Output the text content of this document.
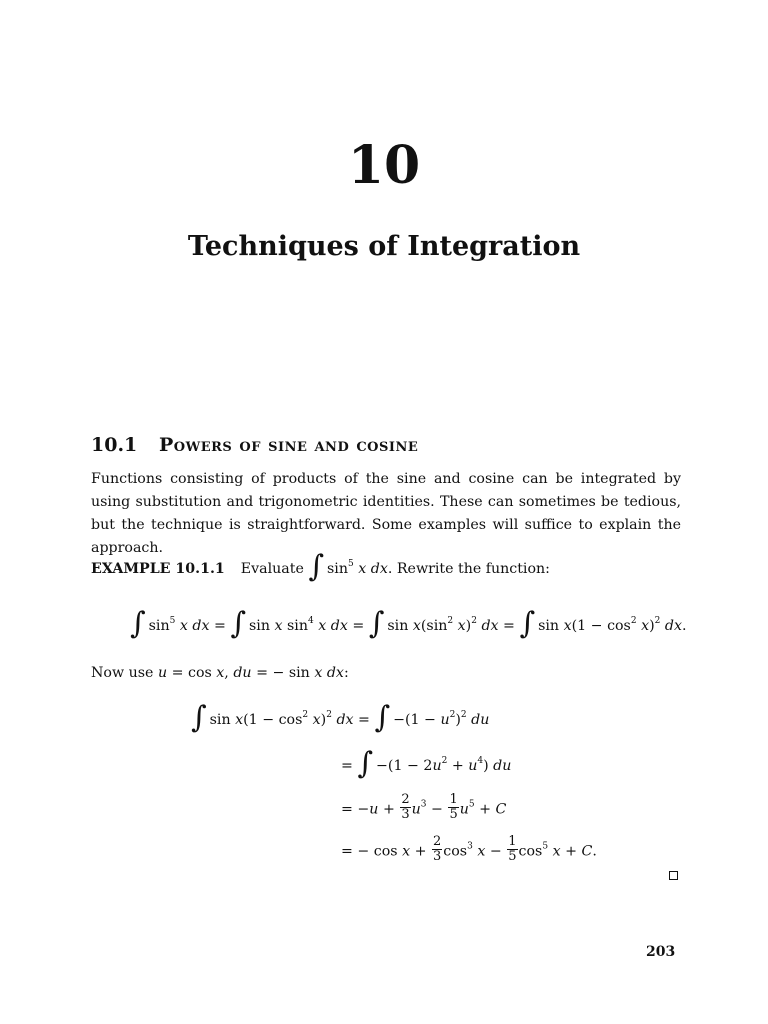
10
Techniques of Integration
10.1 Powers of sine and cosine

Functions consisting of products of the sine and cosine can be integrated by using substitution and trigonometric identities. These can sometimes be tedious, but the technique is straightforward. Some examples will suffice to explain the approach.

EXAMPLE 10.1.1 Evaluate ∫ $\sin^5 x$ dx. Rewrite the function:
∫ $\sin^5 x$ dx = ∫ sin x $\sin^4 x$ dx = ∫ $\sin x(\sin^2$ x)$^2$ dx = ∫ $\sin x(1 - \cos^2 x)^2$ dx.
Now use u = cos x, du = − sin x dx:
∫ $\sin x(1 - \cos^2 x)^2$ dx = ∫ $-(1 - u^2)^2$ du
= ∫ $-(1 - 2u^2 + u^4)$ du
= $-u + \frac{2}{3} u^3 - \frac{1}{5} u^5 + C$
= − $\cos x + \frac{2}{3} \cos^3 x - \frac{1}{5} \cos^5 x + C$.
203
